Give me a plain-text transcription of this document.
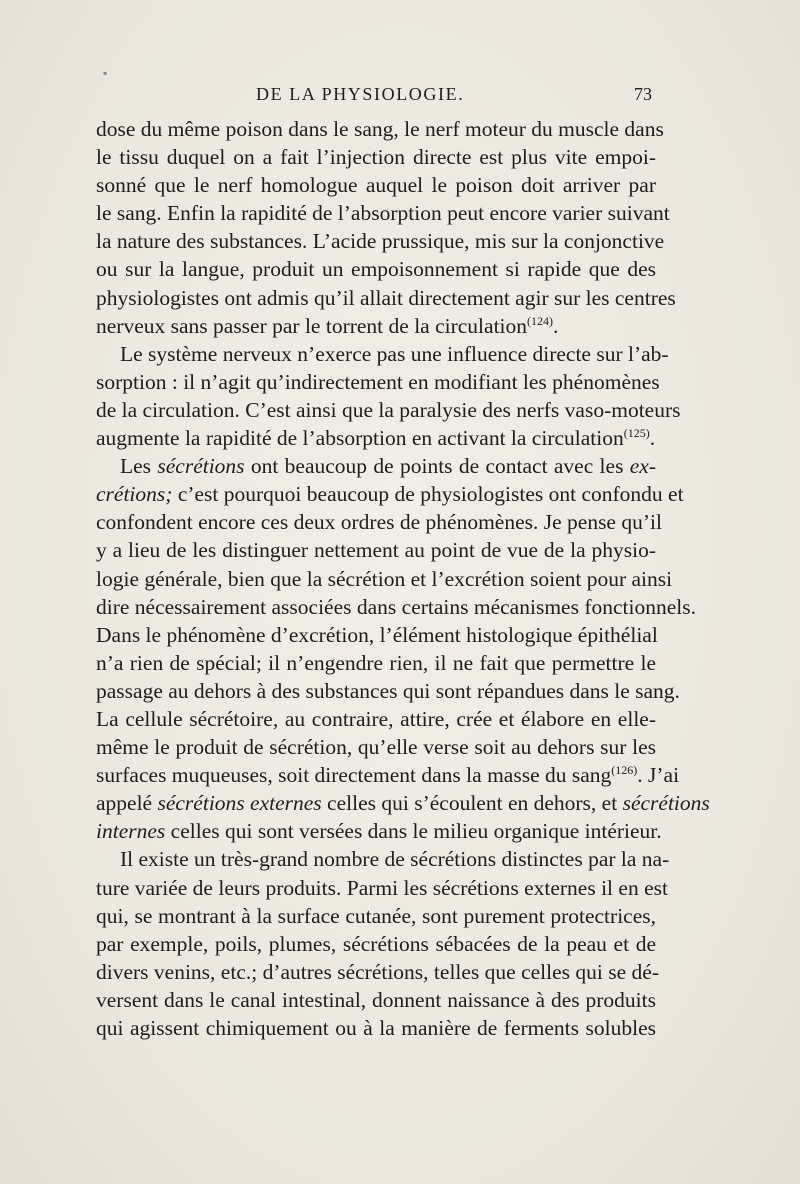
▪
DE LA PHYSIOLOGIE.	73
dose du même poison dans le sang, le nerf moteur du muscle dans
le tissu duquel on a fait l’injection directe est plus vite empoi-
sonné que le nerf homologue auquel le poison doit arriver par
le sang. Enfin la rapidité de l’absorption peut encore varier suivant
la nature des substances. L’acide prussique, mis sur la conjonctive
ou sur la langue, produit un empoisonnement si rapide que des
physiologistes ont admis qu’il allait directement agir sur les centres
nerveux sans passer par le torrent de la circulation$^{(124)}$.
Le système nerveux n’exerce pas une influence directe sur l’ab-
sorption : il n’agit qu’indirectement en modifiant les phénomènes
de la circulation. C’est ainsi que la paralysie des nerfs vaso-moteurs
augmente la rapidité de l’absorption en activant la circulation$^{(125)}$.
Les sécrétions ont beaucoup de points de contact avec les ex-
crétions; c’est pourquoi beaucoup de physiologistes ont confondu et
confondent encore ces deux ordres de phénomènes. Je pense qu’il
y a lieu de les distinguer nettement au point de vue de la physio-
logie générale, bien que la sécrétion et l’excrétion soient pour ainsi
dire nécessairement associées dans certains mécanismes fonctionnels.
Dans le phénomène d’excrétion, l’élément histologique épithélial
n’a rien de spécial; il n’engendre rien, il ne fait que permettre le
passage au dehors à des substances qui sont répandues dans le sang.
La cellule sécrétoire, au contraire, attire, crée et élabore en elle-
même le produit de sécrétion, qu’elle verse soit au dehors sur les
surfaces muqueuses, soit directement dans la masse du sang$^{(126)}$. J’ai
appelé sécrétions externes celles qui s’écoulent en dehors, et sécrétions
internes celles qui sont versées dans le milieu organique intérieur.
Il existe un très-grand nombre de sécrétions distinctes par la na-
ture variée de leurs produits. Parmi les sécrétions externes il en est
qui, se montrant à la surface cutanée, sont purement protectrices,
par exemple, poils, plumes, sécrétions sébacées de la peau et de
divers venins, etc.; d’autres sécrétions, telles que celles qui se dé-
versent dans le canal intestinal, donnent naissance à des produits
qui agissent chimiquement ou à la manière de ferments solubles
